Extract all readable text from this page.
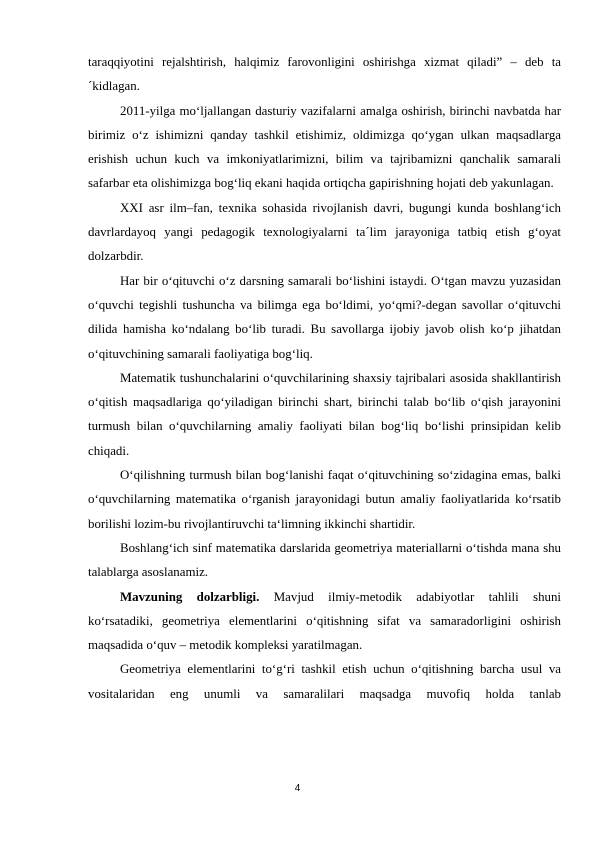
taraqqiyotini rejalshtirish, halqimiz farovonligini oshirishga xizmat qiladi” – deb ta´kidlagan.

2011-yilga mo‘ljallangan dasturiy vazifalarni amalga oshirish, birinchi navbatda har birimiz o‘z ishimizni qanday tashkil etishimiz, oldimizga qo‘ygan ulkan maqsadlarga erishish uchun kuch va imkoniyatlarimizni, bilim va tajribamizni qanchalik samarali safarbar eta olishimizga bog‘liq ekani haqida ortiqcha gapirishning hojati deb yakunlagan.

XXI asr ilm–fan, texnika sohasida rivojlanish davri, bugungi kunda boshlang‘ich davrlardayoq yangi pedagogik texnologiyalarni ta´lim jarayoniga tatbiq etish g‘oyat dolzarbdir.

Har bir o‘qituvchi o‘z darsning samarali bo‘lishini istaydi. O‘tgan mavzu yuzasidan o‘quvchi tegishli tushuncha va bilimga ega bo‘ldimi, yo‘qmi?-degan savollar o‘qituvchi dilida hamisha ko‘ndalang bo‘lib turadi. Bu savollarga ijobiy javob olish ko‘p jihatdan o‘qituvchining samarali faoliyatiga bog‘liq.

Matematik tushunchalarini o‘quvchilarining shaxsiy tajribalari asosida shakllantirish o‘qitish maqsadlariga qo‘yiladigan birinchi shart, birinchi talab bo‘lib o‘qish jarayonini turmush bilan o‘quvchilarning amaliy faoliyati bilan bog‘liq bo‘lishi prinsipidan kelib chiqadi.

O‘qilishning turmush bilan bog‘lanishi faqat o‘qituvchining so‘zidagina emas, balki o‘quvchilarning matematika o‘rganish jarayonidagi butun amaliy faoliyatlarida ko‘rsatib borilishi lozim-bu rivojlantiruvchi ta‘limning ikkinchi shartidir.

Boshlang‘ich sinf matematika darslarida geometriya materiallarni o‘tishda mana shu talablarga asoslanamiz.

Mavzuning dolzarbligi. Mavjud ilmiy-metodik adabiyotlar tahlili shuni ko‘rsatadiki, geometriya elementlarini o‘qitishning sifat va samaradorligini oshirish maqsadida o‘quv – metodik kompleksi yaratilmagan.

Geometriya elementlarini to‘g‘ri tashkil etish uchun o‘qitishning barcha usul va vositalaridan eng unumli va samaralilari maqsadga muvofiq holda tanlab

4
